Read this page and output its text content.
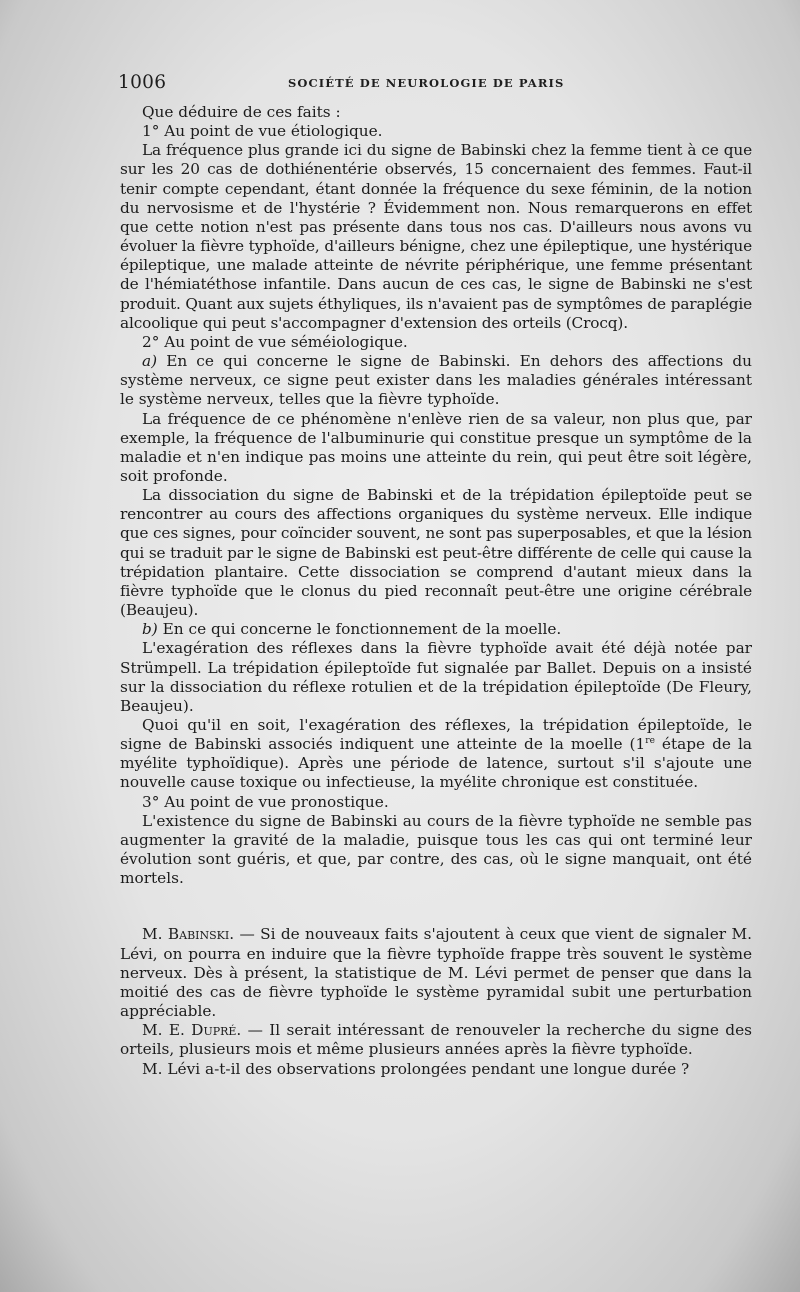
1006	SOCIÉTÉ DE NEUROLOGIE DE PARIS

Que déduire de ces faits :

1° Au point de vue étiologique.

La fréquence plus grande ici du signe de Babinski chez la femme tient à ce que sur les 20 cas de dothiénentérie observés, 15 concernaient des femmes. Faut-il tenir compte cependant, étant donnée la fréquence du sexe féminin, de la notion du nervosisme et de l'hystérie ? Évidemment non. Nous remarquerons en effet que cette notion n'est pas présente dans tous nos cas. D'ailleurs nous avons vu évoluer la fièvre typhoïde, d'ailleurs bénigne, chez une épileptique, une hystérique épileptique, une malade atteinte de névrite périphérique, une femme présentant de l'hémiatéthose infantile. Dans aucun de ces cas, le signe de Babinski ne s'est produit. Quant aux sujets éthyliques, ils n'avaient pas de symptômes de paraplégie alcoolique qui peut s'accompagner d'extension des orteils (Crocq).

2° Au point de vue séméiologique.

a) En ce qui concerne le signe de Babinski. En dehors des affections du système nerveux, ce signe peut exister dans les maladies générales intéressant le système nerveux, telles que la fièvre typhoïde.

La fréquence de ce phénomène n'enlève rien de sa valeur, non plus que, par exemple, la fréquence de l'albuminurie qui constitue presque un symptôme de la maladie et n'en indique pas moins une atteinte du rein, qui peut être soit légère, soit profonde.

La dissociation du signe de Babinski et de la trépidation épileptoïde peut se rencontrer au cours des affections organiques du système nerveux. Elle indique que ces signes, pour coïncider souvent, ne sont pas superposables, et que la lésion qui se traduit par le signe de Babinski est peut-être différente de celle qui cause la trépidation plantaire. Cette dissociation se comprend d'autant mieux dans la fièvre typhoïde que le clonus du pied reconnaît peut-être une origine cérébrale (Beaujeu).

b) En ce qui concerne le fonctionnement de la moelle.

L'exagération des réflexes dans la fièvre typhoïde avait été déjà notée par Strümpell. La trépidation épileptoïde fut signalée par Ballet. Depuis on a insisté sur la dissociation du réflexe rotulien et de la trépidation épileptoïde (De Fleury, Beaujeu).

Quoi qu'il en soit, l'exagération des réflexes, la trépidation épileptoïde, le signe de Babinski associés indiquent une atteinte de la moelle (1re étape de la myélite typhoïdique). Après une période de latence, surtout s'il s'ajoute une nouvelle cause toxique ou infectieuse, la myélite chronique est constituée.

3° Au point de vue pronostique.

L'existence du signe de Babinski au cours de la fièvre typhoïde ne semble pas augmenter la gravité de la maladie, puisque tous les cas qui ont terminé leur évolution sont guéris, et que, par contre, des cas, où le signe manquait, ont été mortels.

M. Babinski. — Si de nouveaux faits s'ajoutent à ceux que vient de signaler M. Lévi, on pourra en induire que la fièvre typhoïde frappe très souvent le système nerveux. Dès à présent, la statistique de M. Lévi permet de penser que dans la moitié des cas de fièvre typhoïde le système pyramidal subit une perturbation appréciable.

M. E. Dupré. — Il serait intéressant de renouveler la recherche du signe des orteils, plusieurs mois et même plusieurs années après la fièvre typhoïde.

M. Lévi a-t-il des observations prolongées pendant une longue durée ?
